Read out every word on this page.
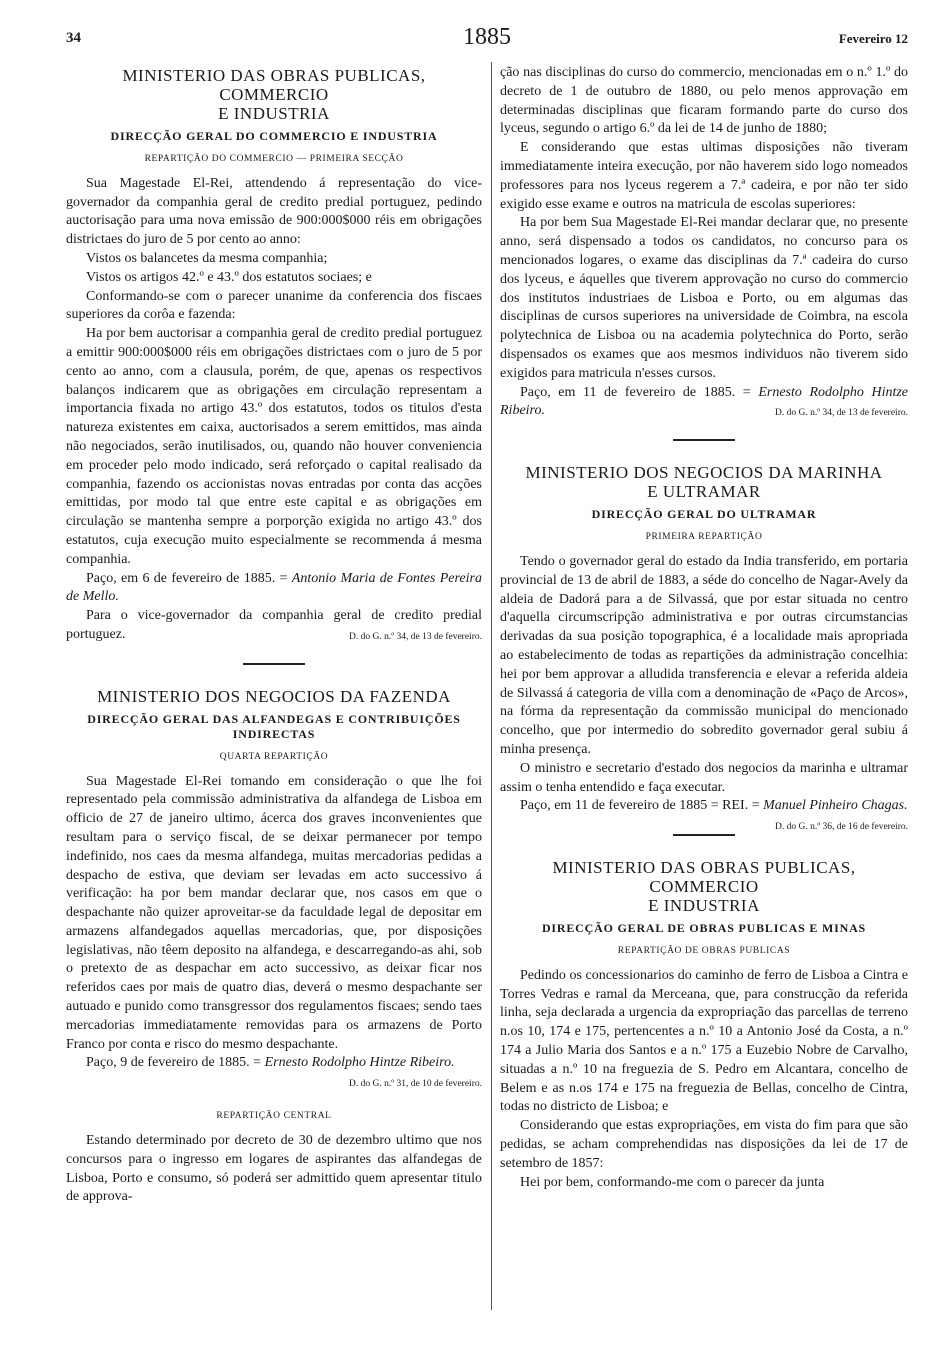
34	1885	Fevereiro 12
MINISTERIO DAS OBRAS PUBLICAS, COMMERCIO
E INDUSTRIA
DIRECÇÃO GERAL DO COMMERCIO E INDUSTRIA
REPARTIÇÃO DO COMMERCIO — PRIMEIRA SECÇÃO

Sua Magestade El-Rei, attendendo á representação do vice-governador da companhia geral de credito predial portuguez, pedindo auctorisação para uma nova emissão de 900:000$000 réis em obrigações districtaes do juro de 5 por cento ao anno:

Vistos os balancetes da mesma companhia;

Vistos os artigos 42.º e 43.º dos estatutos sociaes; e

Conformando-se com o parecer unanime da conferencia dos fiscaes superiores da corôa e fazenda:

Ha por bem auctorisar a companhia geral de credito predial portuguez a emittir 900:000$000 réis em obrigações districtaes com o juro de 5 por cento ao anno, com a clausula, porém, de que, apenas os respectivos balanços indicarem que as obrigações em circulação representam a importancia fixada no artigo 43.º dos estatutos, todos os titulos d'esta natureza existentes em caixa, auctorisados a serem emittidos, mas ainda não negociados, serão inutilisados, ou, quando não houver conveniencia em proceder pelo modo indicado, será reforçado o capital realisado da companhia, fazendo os accionistas novas entradas por conta das acções emittidas, por modo tal que entre este capital e as obrigações em circulação se mantenha sempre a porporção exigida no artigo 43.º dos estatutos, cuja execução muito especialmente se recommenda á mesma companhia.

Paço, em 6 de fevereiro de 1885. = Antonio Maria de Fontes Pereira de Mello.

Para o vice-governador da companhia geral de credito predial portuguez.	D. do G. n.º 34, de 13 de fevereiro.

MINISTERIO DOS NEGOCIOS DA FAZENDA
DIRECÇÃO GERAL DAS ALFANDEGAS E CONTRIBUIÇÕES
INDIRECTAS
QUARTA REPARTIÇÃO

Sua Magestade El-Rei tomando em consideração o que lhe foi representado pela commissão administrativa da alfandega de Lisboa em officio de 27 de janeiro ultimo, ácerca dos graves inconvenientes que resultam para o serviço fiscal, de se deixar permanecer por tempo indefinido, nos caes da mesma alfandega, muitas mercadorias pedidas a despacho de estiva, que deviam ser levadas em acto successivo á verificação: ha por bem mandar declarar que, nos casos em que o despachante não quizer aproveitar-se da faculdade legal de depositar em armazens alfandegados aquellas mercadorias, que, por disposições legislativas, não têem deposito na alfandega, e descarregando-as ahi, sob o pretexto de as despachar em acto successivo, as deixar ficar nos referidos caes por mais de quatro dias, deverá o mesmo despachante ser autuado e punido como transgressor dos regulamentos fiscaes; sendo taes mercadorias immediatamente removidas para os armazens de Porto Franco por conta e risco do mesmo despachante.

Paço, 9 de fevereiro de 1885. = Ernesto Rodolpho Hintze Ribeiro.
D. do G. n.º 31, de 10 de fevereiro.

REPARTIÇÃO CENTRAL

Estando determinado por decreto de 30 de dezembro ultimo que nos concursos para o ingresso em logares de aspirantes das alfandegas de Lisboa, Porto e consumo, só poderá ser admittido quem apresentar titulo de approva-

ção nas disciplinas do curso do commercio, mencionadas em o n.º 1.º do decreto de 1 de outubro de 1880, ou pelo menos approvação em determinadas disciplinas que ficaram formando parte do curso dos lyceus, segundo o artigo 6.º da lei de 14 de junho de 1880;

E considerando que estas ultimas disposições não tiveram immediatamente inteira execução, por não haverem sido logo nomeados professores para nos lyceus regerem a 7.ª cadeira, e por não ter sido exigido esse exame e outros na matricula de escolas superiores:

Ha por bem Sua Magestade El-Rei mandar declarar que, no presente anno, será dispensado a todos os candidatos, no concurso para os mencionados logares, o exame das disciplinas da 7.ª cadeira do curso dos lyceus, e áquelles que tiverem approvação no curso do commercio dos institutos industriaes de Lisboa e Porto, ou em algumas das disciplinas de cursos superiores na universidade de Coimbra, na escola polytechnica de Lisboa ou na academia polytechnica do Porto, serão dispensados os exames que aos mesmos individuos não tiverem sido exigidos para matricula n'esses cursos.

Paço, em 11 de fevereiro de 1885. = Ernesto Rodolpho Hintze Ribeiro.	D. do G. n.º 34, de 13 de fevereiro.

MINISTERIO DOS NEGOCIOS DA MARINHA
E ULTRAMAR
DIRECÇÃO GERAL DO ULTRAMAR
PRIMEIRA REPARTIÇÃO

Tendo o governador geral do estado da India transferido, em portaria provincial de 13 de abril de 1883, a séde do concelho de Nagar-Avely da aldeia de Dadorá para a de Silvassá, que por estar situada no centro d'aquella circumscripção administrativa e por outras circumstancias derivadas da sua posição topographica, é a localidade mais apropriada ao estabelecimento de todas as repartições da administração concelhia: hei por bem approvar a alludida transferencia e elevar a referida aldeia de Silvassá á categoria de villa com a denominação de «Paço de Arcos», na fórma da representação da commissão municipal do mencionado concelho, que por intermedio do sobredito governador geral subiu á minha presença.

O ministro e secretario d'estado dos negocios da marinha e ultramar assim o tenha entendido e faça executar.

Paço, em 11 de fevereiro de 1885 = REI. = Manuel Pinheiro Chagas.
D. do G. n.º 36, de 16 de fevereiro.

MINISTERIO DAS OBRAS PUBLICAS, COMMERCIO
E INDUSTRIA
DIRECÇÃO GERAL DE OBRAS PUBLICAS E MINAS
REPARTIÇÃO DE OBRAS PUBLICAS

Pedindo os concessionarios do caminho de ferro de Lisboa a Cintra e Torres Vedras e ramal da Merceana, que, para construcção da referida linha, seja declarada a urgencia da expropriação das parcellas de terreno n.os 10, 174 e 175, pertencentes a n.º 10 a Antonio José da Costa, a n.º 174 a Julio Maria dos Santos e a n.º 175 a Euzebio Nobre de Carvalho, situadas a n.º 10 na freguezia de S. Pedro em Alcantara, concelho de Belem e as n.os 174 e 175 na freguezia de Bellas, concelho de Cintra, todas no districto de Lisboa; e

Considerando que estas expropriações, em vista do fim para que são pedidas, se acham comprehendidas nas disposições da lei de 17 de setembro de 1857:

Hei por bem, conformando-me com o parecer da junta
